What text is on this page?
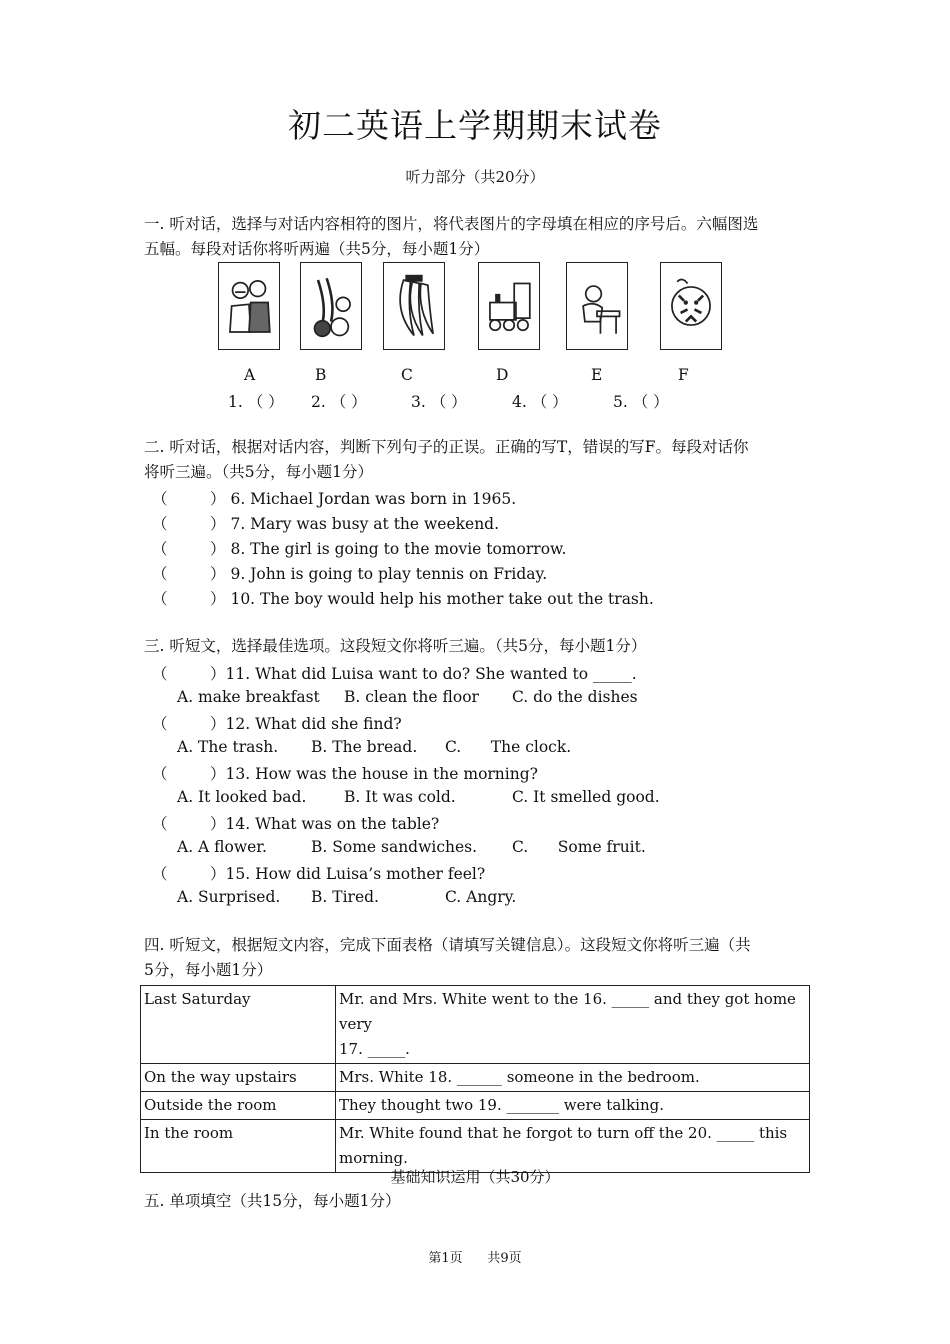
初二英语上学期期末试卷
听力部分（共20分）
一. 听对话，选择与对话内容相符的图片，将代表图片的字母填在相应的序号后。六幅图选
五幅。每段对话你将听两遍（共5分，每小题1分）
A	B	C	D	E	F
1. （ ） 2. （ ）	3. （ ）	4. （ ）	5. （ ）
二. 听对话，根据对话内容，判断下列句子的正误。正确的写T，错误的写F。每段对话你
将听三遍。（共5分，每小题1分）
（	） 6. Michael Jordan was born in 1965.
（	） 7. Mary was busy at the weekend.
（	） 8. The girl is going to the movie tomorrow.
（	） 9. John is going to play tennis on Friday.
（	） 10. The boy would help his mother take out the trash.
三. 听短文，选择最佳选项。这段短文你将听三遍。（共5分，每小题1分）
（	）11. What did Luisa want to do? She wanted to _____.
A. make breakfast B. clean the floor C. do the dishes
（	）12. What did she find?
A. The trash. B. The bread. C.      The clock.
（	）13. How was the house in the morning?
A. It looked bad. B. It was cold.	C. It smelled good.
（	）14. What was on the table?
A. A flower.	B. Some sandwiches. C.      Some fruit.
（	）15. How did Luisa’s mother feel?
A. Surprised. B. Tired.	C. Angry.
四. 听短文，根据短文内容，完成下面表格（请填写关键信息）。这段短文你将听三遍（共
5分，每小题1分）
Last Saturday	Mr. and Mrs. White went to the 16. _____ and they got home very
17. _____.

On the way upstairs	Mrs. White 18. ______ someone in the bedroom.
Outside the room	They thought two 19. _______ were talking.
In the room	Mr. White found that he forgot to turn off the 20. _____ this
morning.
基础知识运用（共30分）
五. 单项填空（共15分，每小题1分）
第1页      共9页
